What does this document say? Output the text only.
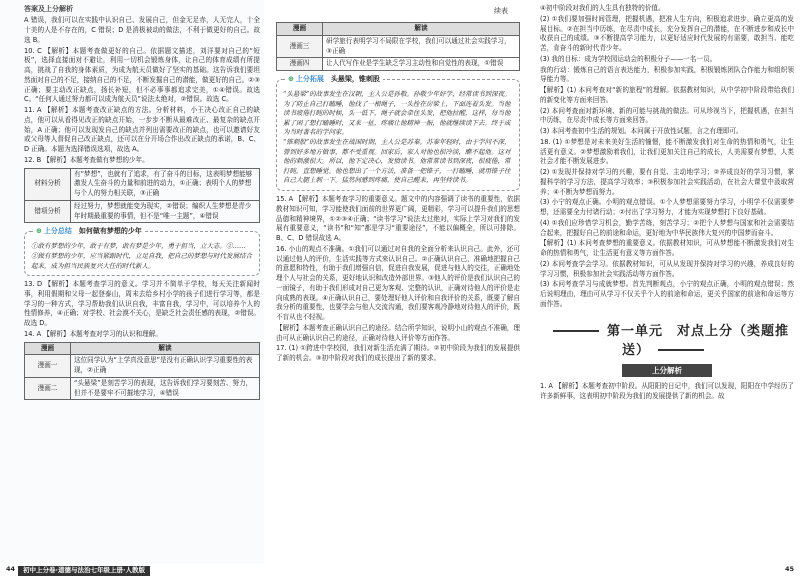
答案及上分解析
A 错误，我们可以在实践中认识自己、发展自己，但金无足赤，人无完人，十全十美的人是不存在的，C 错误；D 是消极被动的做法，不利于做更好的自己。故选 B。
10. C 【解析】本题考查做更好的自己。依据题文描述，刘洋要对自己的“短板”，选择直接面对不避让，利用一切机会锻炼身体，让自己的体育成绩有所提高，挑战了自我的身体素质，为成为航天员做好了坚实的基础。这告诉我们要坦然面对自己的不足，接纳自己的不足，不断发掘自己的潜能，做更好的自己。②③正确；要主动改正缺点，扬长补短，但不必事事都追求完美，①④错误。故选 C。“任何人通过努力都可以成为航天员”说法太绝对，②错误。故选 C。
11. A 【解析】本题考查改正缺点的方法。分析材料，小王决心改正自己的缺点，他可以从看得见改正的缺点开始，一步步不断从最难改正、最复杂的缺点开始，A 正确；他可以发现发自己的缺点并列出需要改正的缺点，也可以邀请好友或父母等人督促自己改正缺点，还可以在分开场合作出改正缺点的承诺，B、C、D 正确。本题为选择错误选项，故选 A。
12. B 【解析】本题考查做有梦想的少年。
材料分析	有“梦想”，也就有了追求，有了奋斗的目标，这表明梦想能够激发人生奋斗的力量和前进的动力，①正确；表明个人的梦想与个人的努力相关联，③正确
错项分析	经过努力，梦想就能变为现实，②错误；编织人生梦想是青少年时期最重要的事情，但不是“唯一主题”，④错误
⊕ 上分总结　 如何做有梦想的少年
①敢有梦想的少年，敢于有梦，敢有梦是少年，勇于担当，立大志。②……
②做有梦想的少年，应当紧跟时代，立足自我，把自己的梦想与时代发展结合起来，成为担当民族复兴大任的时代新人。
13. D 【解析】本题考查学习的意义。学习并不简单于学校，每天关注新闻时事，利用假期和父母一起登泰山，周末去给乡村小学的孩子们进行学习等，都是学习的一种方式，学习帮助我们认识自我，丰富自我，学习中，可以培养个人的性情修养，④正确；对学校、社会漠不关心，是缺乏社会责任感的表现，②错误。故选 D。
14. A 【解析】本题考查对学习的认识和理解。
漫画	解读
漫画一	这位同学认为“上学真没意思”是没有正确认识学习重要性的表现，②正确
漫画二	“头悬梁”是刻苦学习的表现，这告诉我们学习要刻苦、努力，但并不是要牢不可摧地学习，④错误
续表
漫画	解读
漫画三	研学旅行表明学习不局限在学校，我们可以通过社会实践学习，③正确
漫画四	让人代写作业是学生缺乏学习主动性和自觉性的表现，①错误
⊕ 上分拓展　 头悬梁，锥刺股
“头悬梁”的故事发生在汉朝，主人公是孙敬。孙敬少年好学，经常读书到深夜。为了防止自己打瞌睡，他找了一根绳子，一头拴在房梁上，下面连着头发。当他读书疲倦打盹的时候，头一低下，绳子就会牵住头发，把他拉醒，这样，每当他累了困了想打瞌睡时，又来一扯，疼痛让他精神一振，他就继续读下去。终于成为当时著名的学问家。
“锥刺股”的故事发生在战国时期，主人公是苏秦。苏秦年轻时，由于学问不深，曾到好多地方做事，都不受重视。回家后，家人对他也很冷淡，瞧不起他。这对他的刺激很大。所以，他下定决心，发愤读书。他常常读书到深夜，很疲倦，常打盹，直想睡觉。他也想出了一个方法，准备一把锥子，一打瞌睡，就用锥子往自己大腿上刺一下。猛然间感到疼痛，使自己醒来，再坚持读书。
15. A 【解析】本题考查学习的重要意义。题文中的内容强调了读书的重要性，依据教材知识可知，学习能使我们面前的世界更广阔，更精彩，学习可以提升我们的思想品德和精神境界，①②③④正确；“读书学习”说法太过绝对，实际上学习对我们的发展有重要意义，“读书”和“知”都是学习“重要途径”，不能以偏概全，所以可排除。B、C、D 错误故选 A。
16. 小山的观点不准确。①我们可以通过对自我的全面分析来认识自己。此外，还可以通过他人的评价，生活实践等方式来认识自己。②正确认识自己，准确地把握自己的意愿和特性，有助于我们增强自信，促进自我发展，促进与他人的交往，正确地处理个人与社会的关系，更好地认识和改造外部世界。③他人的评价是我们认识自己的一面镜子，有助于我们形成对自己更为客观、完整的认识，正确对待他人的评价是走向成熟的表现。④正确认识自己，要处理好他人评价和自我评价的关系，既要了解自我分析的重要性，也要学会与他人交流沟通，我们要客观冷静地对待他人的评价，既不盲从也不轻视。
【解析】本题考查正确认识自己的途径。结合所学知识，说明小山的观点不准确，理由可从正确认识自己的途径，正确对待他人评价等方面作答。
17. (1) ①跨进中学校园，我们对新生活充满了期待。②初中阶段为我们的发展提供了新的机会。③初中阶段对我们的成长提出了新的要求。
④初中阶段对我们的人生具有独特的价值。
(2) ①我们要加强时间管理，把握机遇，把准人生方向，积极追求进步，确立更高的发展目标。②在担当中历练，在尽责中成长，充分发挥自己的潜能，在不断进步和成长中收获自己的成绩。③不断提高学习能力，以更好适应时代发展的有需要，敢担当、能吃苦，肯奋斗的新时代青少年。
(3) 我的目标：成为学校园运动会的积极分子——一名一员。
我的行动：锻炼自己的语言表达能力，积极参加实践，积极锻炼团队合作能力和组织领导能力等。
【解析】(1) 本问考查对“新的旅程”的理解。依据教材知识，从中学初中阶段带给我们的新变化等方面来回答。
(2) 本问考查面对新环境、新的可能与挑战的做法。可从珍视当下，把握机遇，在担当中历练，在尽责中成长等方面来回答。
(3) 本问考查初中生活的规划。本问属于开放性试题，言之有理即可。
18. (1) ①梦想是对未来美好生活的憧憬，能不断激发我们对生命的热情和勇气，让生活更有意义。②梦想激励着我们，让我们更加关注自己的成长，人美需要有梦想，人类社会才能不断发展进步。
(2) ①发现并保持对学习的兴趣，要有自觉、主动地学习；②养成良好的学习习惯，掌握科学的学习方法，提高学习效率；③积极参加社会实践活动，在社会大课堂中汲取营养；④不断为梦想而努力。
(3) 小宁的观点正确。小明的观点错误。①个人梦想需要努力学习，小明学不仅需要梦想，还需要全力付诸行动；②付出了学习努力，才能为实现梦想打下良好基础。
(4) ①我们应珍惜学习机会，勤学苦练，刻苦学习；②把个人梦想与国家和社会需要结合起来，把握好自己的前途和命运，更好地为中华民族伟大复兴的中国梦而奋斗。
【解析】(1) 本问考查梦想的重要意义。依据教材知识，可从梦想能不断激发我们对生命的热情和勇气，让生活更有意义等方面作答。
(2) 本问考查学会学习。依据教材知识，可从从发现并保持对学习的兴趣，养成良好的学习习惯，积极参加社会实践活动等方面作答。
(3) 本问考查学习与成就梦想。首先判断观点，小宁的观点正确，小明的观点错误；然后说明理由，理由可从学习不仅关乎个人的前途和命运，更关乎国家的前途和命运等方面作答。
第一单元　对点上分（类题推送）
上分解析
1. A 【解析】本题考查初中阶段。从阳阳的日记中，我们可以发现，阳阳在中学经历了许多新鲜事，这表明初中阶段为我们的发展提供了新的机会。故
44	初中上分卷·道德与法治七年级上册·人教版	45
